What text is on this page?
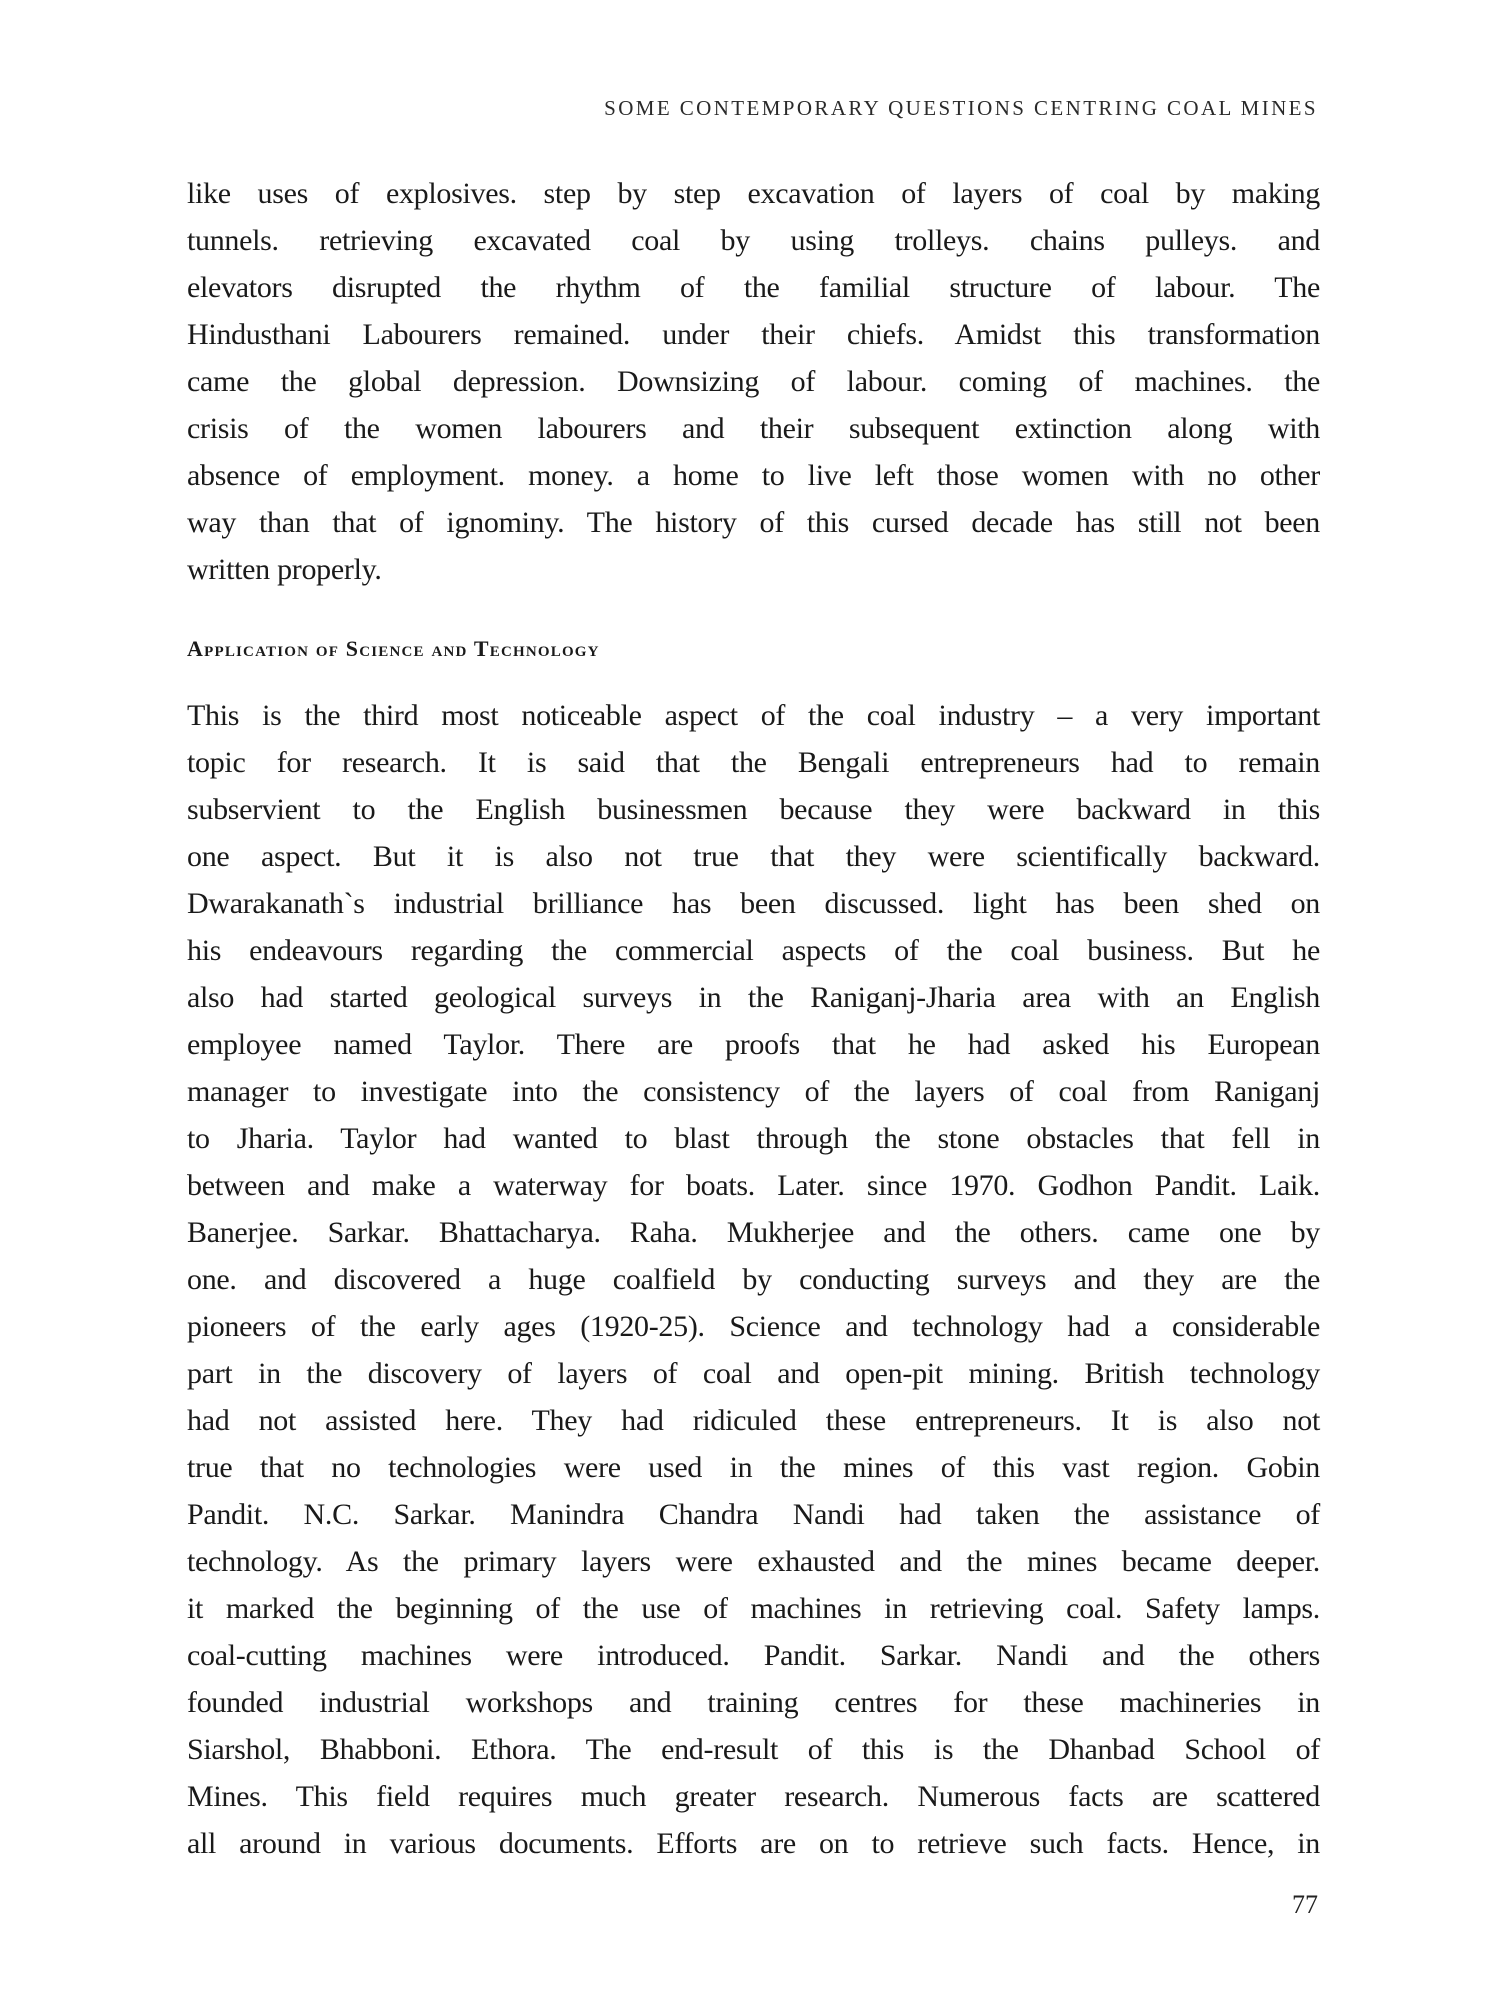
SOME CONTEMPORARY QUESTIONS CENTRING COAL MINES
like uses of explosives. step by step excavation of layers of coal by making
tunnels. retrieving excavated coal by using trolleys. chains pulleys. and
elevators disrupted the rhythm of the familial structure of labour. The
Hindusthani Labourers remained. under their chiefs. Amidst this transformation
came the global depression. Downsizing of labour. coming of machines. the
crisis of the women labourers and their subsequent extinction along with
absence of employment. money. a home to live left those women with no other
way than that of ignominy. The history of this cursed decade has still not been
written properly.
Application of Science and Technology
This is the third most noticeable aspect of the coal industry – a very important
topic for research. It is said that the Bengali entrepreneurs had to remain
subservient to the English businessmen because they were backward in this
one aspect. But it is also not true that they were scientifically backward.
Dwarakanath`s industrial brilliance has been discussed. light has been shed on
his endeavours regarding the commercial aspects of the coal business. But he
also had started geological surveys in the Raniganj-Jharia area with an English
employee named Taylor. There are proofs that he had asked his European
manager to investigate into the consistency of the layers of coal from Raniganj
to Jharia. Taylor had wanted to blast through the stone obstacles that fell in
between and make a waterway for boats. Later. since 1970. Godhon Pandit. Laik.
Banerjee. Sarkar. Bhattacharya. Raha. Mukherjee and the others. came one by
one. and discovered a huge coalfield by conducting surveys and they are the
pioneers of the early ages (1920-25). Science and technology had a considerable
part in the discovery of layers of coal and open-pit mining. British technology
had not assisted here. They had ridiculed these entrepreneurs. It is also not
true that no technologies were used in the mines of this vast region. Gobin
Pandit. N.C. Sarkar. Manindra Chandra Nandi had taken the assistance of
technology. As the primary layers were exhausted and the mines became deeper.
it marked the beginning of the use of machines in retrieving coal. Safety lamps.
coal-cutting machines were introduced. Pandit. Sarkar. Nandi and the others
founded industrial workshops and training centres for these machineries in
Siarshol, Bhabboni. Ethora. The end-result of this is the Dhanbad School of
Mines. This field requires much greater research. Numerous facts are scattered
all around in various documents. Efforts are on to retrieve such facts. Hence, in
77
